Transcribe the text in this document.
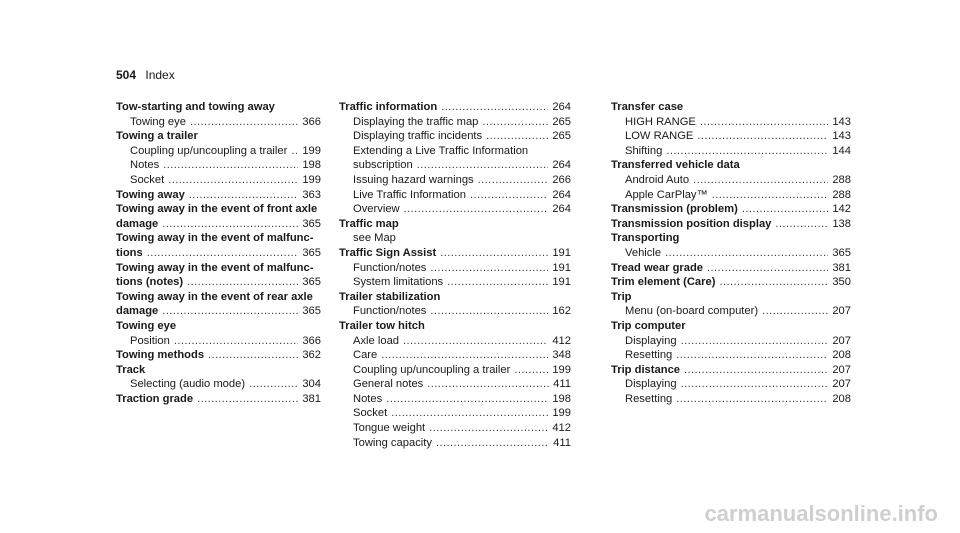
504 Index
Tow-starting and towing away
Towing eye .....	366
Towing a trailer
Coupling up/uncoupling a trailer ..... 199
Notes .....	198
Socket .....	199
Towing away .....	363
Towing away in the event of front axle
damage .....	365
Towing away in the event of malfunc-
tions .....	365
Towing away in the event of malfunc-
tions (notes) .....	365
Towing away in the event of rear axle
damage .....	365
Towing eye
Position .....	366
Towing methods .....	362
Track
Selecting (audio mode) .....	304
Traction grade .....	381
Traffic information .....	264
Displaying the traffic map .....	265
Displaying traffic incidents .....	265
Extending a Live Traffic Information
subscription .....	264
Issuing hazard warnings .....	266
Live Traffic Information .....	264
Overview .....	264
Traffic map
see Map
Traffic Sign Assist .....	191
Function/notes .....	191
System limitations .....	191
Trailer stabilization
Function/notes .....	162
Trailer tow hitch
Axle load .....	412
Care .....	348
Coupling up/uncoupling a trailer .....	199
General notes .....	411
Notes .....	198
Socket .....	199
Tongue weight .....	412
Towing capacity .....	411
Transfer case
HIGH RANGE .....	143
LOW RANGE .....	143
Shifting .....	144
Transferred vehicle data
Android Auto .....	288
Apple CarPlay™ .....	288
Transmission (problem) .....	142
Transmission position display .....	138
Transporting
Vehicle .....	365
Tread wear grade .....	381
Trim element (Care) .....	350
Trip
Menu (on-board computer) .....	207
Trip computer
Displaying .....	207
Resetting .....	208
Trip distance .....	207
Displaying .....	207
Resetting .....	208
carmanualsonline.info
